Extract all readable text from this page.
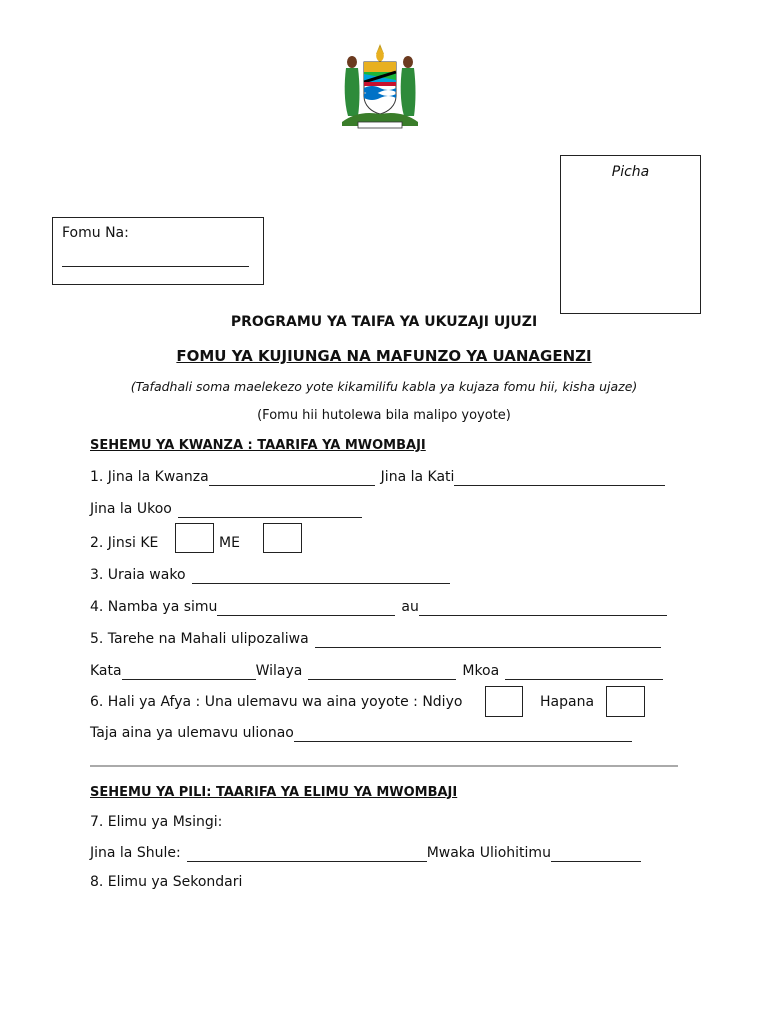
Picha
Fomu Na:
PROGRAMU YA TAIFA YA UKUZAJI UJUZI
FOMU YA KUJIUNGA NA MAFUNZO YA UANAGENZI
(Tafadhali soma maelekezo yote kikamilifu kabla ya kujaza fomu hii, kisha ujaze)
(Fomu hii hutolewa bila malipo yoyote)
SEHEMU YA KWANZA : TAARIFA YA MWOMBAJI
1. Jina la Kwanza	Jina la Kati
Jina la Ukoo
2. Jinsi KE	ME
3. Uraia wako
4. Namba ya simu	au
5. Tarehe na Mahali ulipozaliwa
Kata	Wilaya	Mkoa
6. Hali ya Afya : Una ulemavu wa aina yoyote : Ndiyo	Hapana
Taja aina ya ulemavu ulionao
SEHEMU YA PILI: TAARIFA YA ELIMU YA MWOMBAJI
7. Elimu ya Msingi:
Jina la Shule:	Mwaka Uliohitimu
8. Elimu ya Sekondari
